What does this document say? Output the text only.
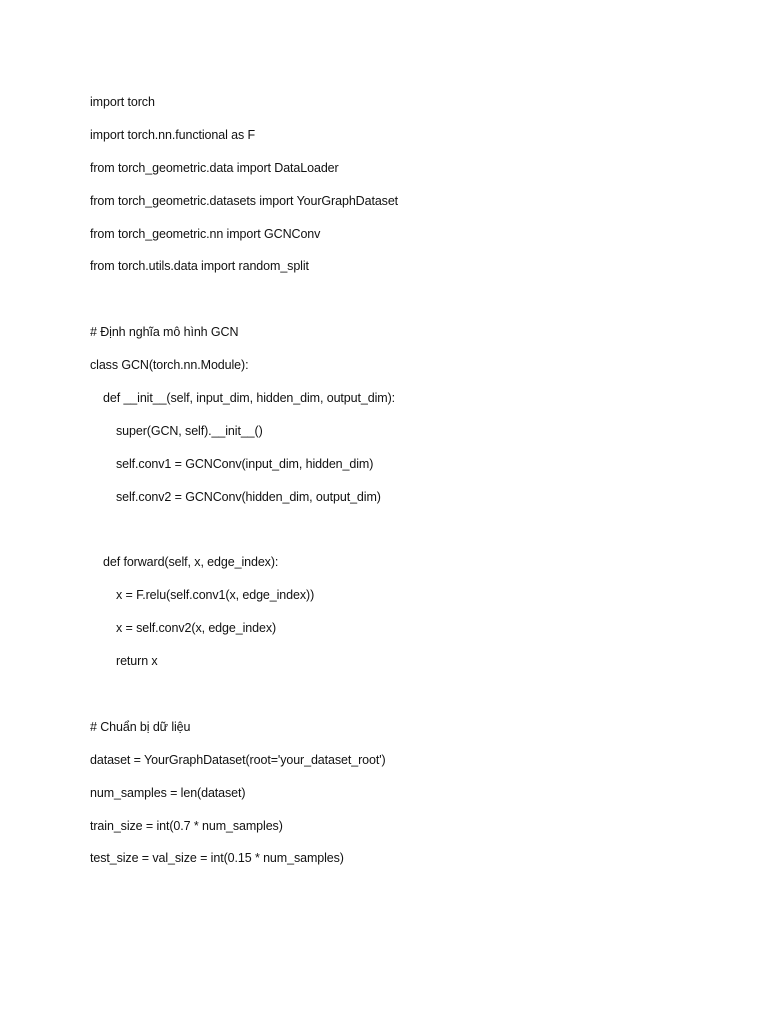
import torch
import torch.nn.functional as F
from torch_geometric.data import DataLoader
from torch_geometric.datasets import YourGraphDataset
from torch_geometric.nn import GCNConv
from torch.utils.data import random_split
# Định nghĩa mô hình GCN
class GCN(torch.nn.Module):
def __init__(self, input_dim, hidden_dim, output_dim):
super(GCN, self).__init__()
self.conv1 = GCNConv(input_dim, hidden_dim)
self.conv2 = GCNConv(hidden_dim, output_dim)
def forward(self, x, edge_index):
x = F.relu(self.conv1(x, edge_index))
x = self.conv2(x, edge_index)
return x
# Chuẩn bị dữ liệu
dataset = YourGraphDataset(root='your_dataset_root')
num_samples = len(dataset)
train_size = int(0.7 * num_samples)
test_size = val_size = int(0.15 * num_samples)
